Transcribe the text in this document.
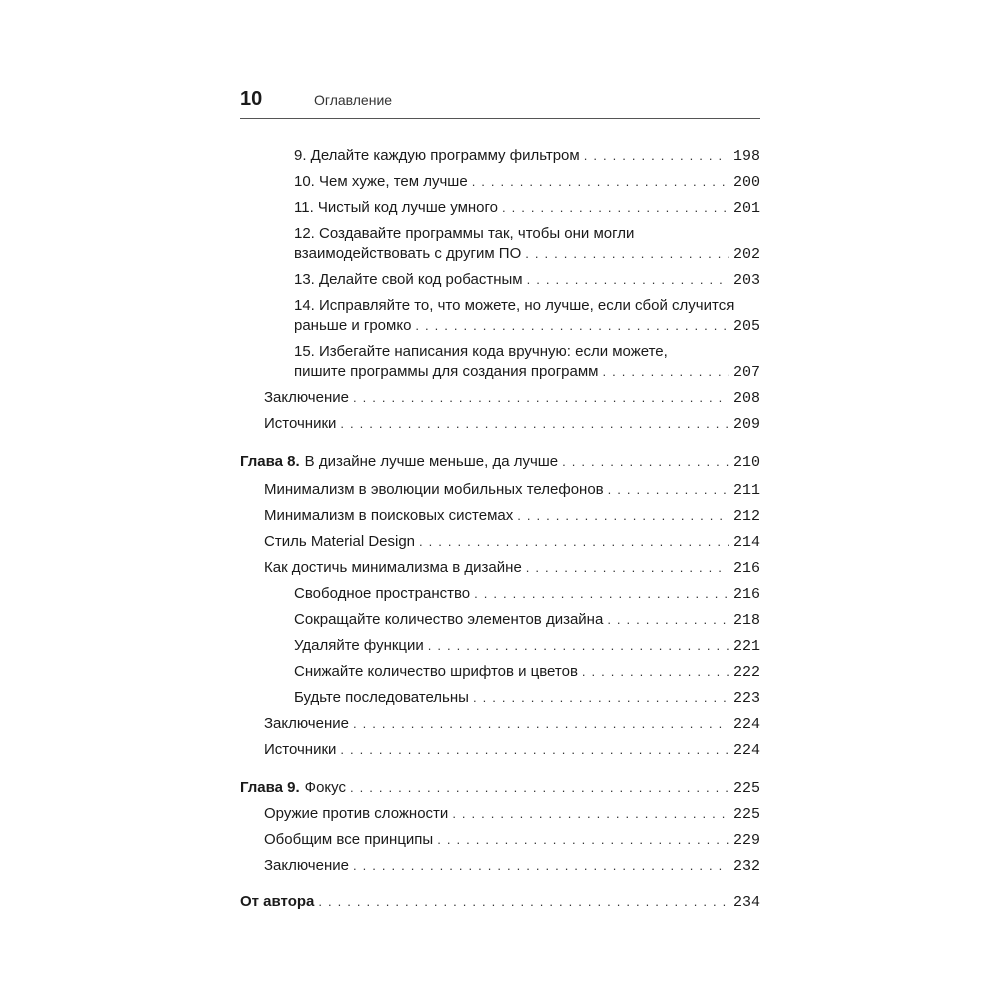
10	Оглавление
9. Делайте каждую программу фильтром . . .	198
10. Чем хуже, тем лучше . . .	200
11. Чистый код лучше умного . . .	201
12. Создавайте программы так, чтобы они могли
взаимодействовать с другим ПО . . .	202
13. Делайте свой код робастным . . .	203
14. Исправляйте то, что можете, но лучше, если сбой случится
раньше и громко . . .	205
15. Избегайте написания кода вручную: если можете,
пишите программы для создания программ . . .	207
Заключение . . .	208
Источники . . .	209
Глава 8. В дизайне лучше меньше, да лучше . . .	210
Минимализм в эволюции мобильных телефонов . . .	211
Минимализм в поисковых системах . . .	212
Стиль Material Design . . .	214
Как достичь минимализма в дизайне . . .	216
Свободное пространство . . .	216
Сокращайте количество элементов дизайна . . .	218
Удаляйте функции . . .	221
Снижайте количество шрифтов и цветов . . .	222
Будьте последовательны . . .	223
Заключение . . .	224
Источники . . .	224
Глава 9. Фокус . . .	225
Оружие против сложности . . .	225
Обобщим все принципы . . .	229
Заключение . . .	232
От автора . . .	234
